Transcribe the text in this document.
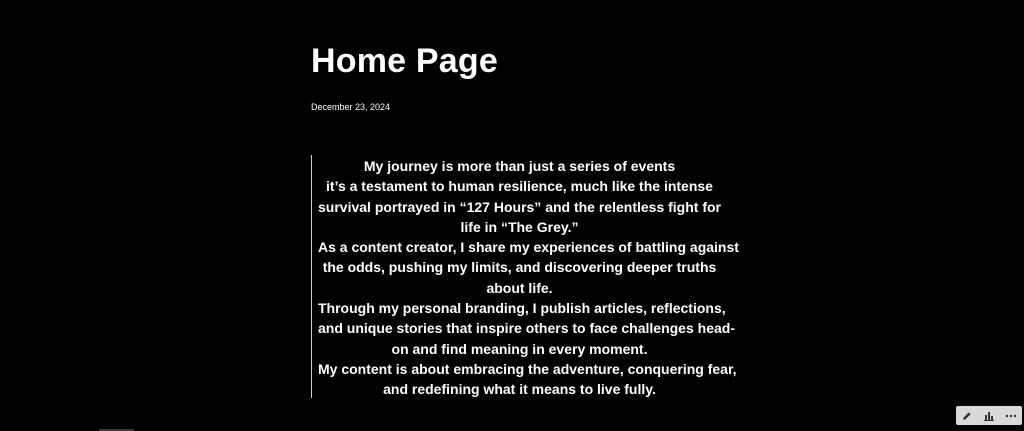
Home Page
December 23, 2024
My journey is more than just a series of events
it’s a testament to human resilience, much like the intense
survival portrayed in “127 Hours” and the relentless fight for
life in “The Grey.”
As a content creator, I share my experiences of battling against
the odds, pushing my limits, and discovering deeper truths
about life.
Through my personal branding, I publish articles, reflections,
and unique stories that inspire others to face challenges head-
on and find meaning in every moment.
My content is about embracing the adventure, conquering fear,
and redefining what it means to live fully.
